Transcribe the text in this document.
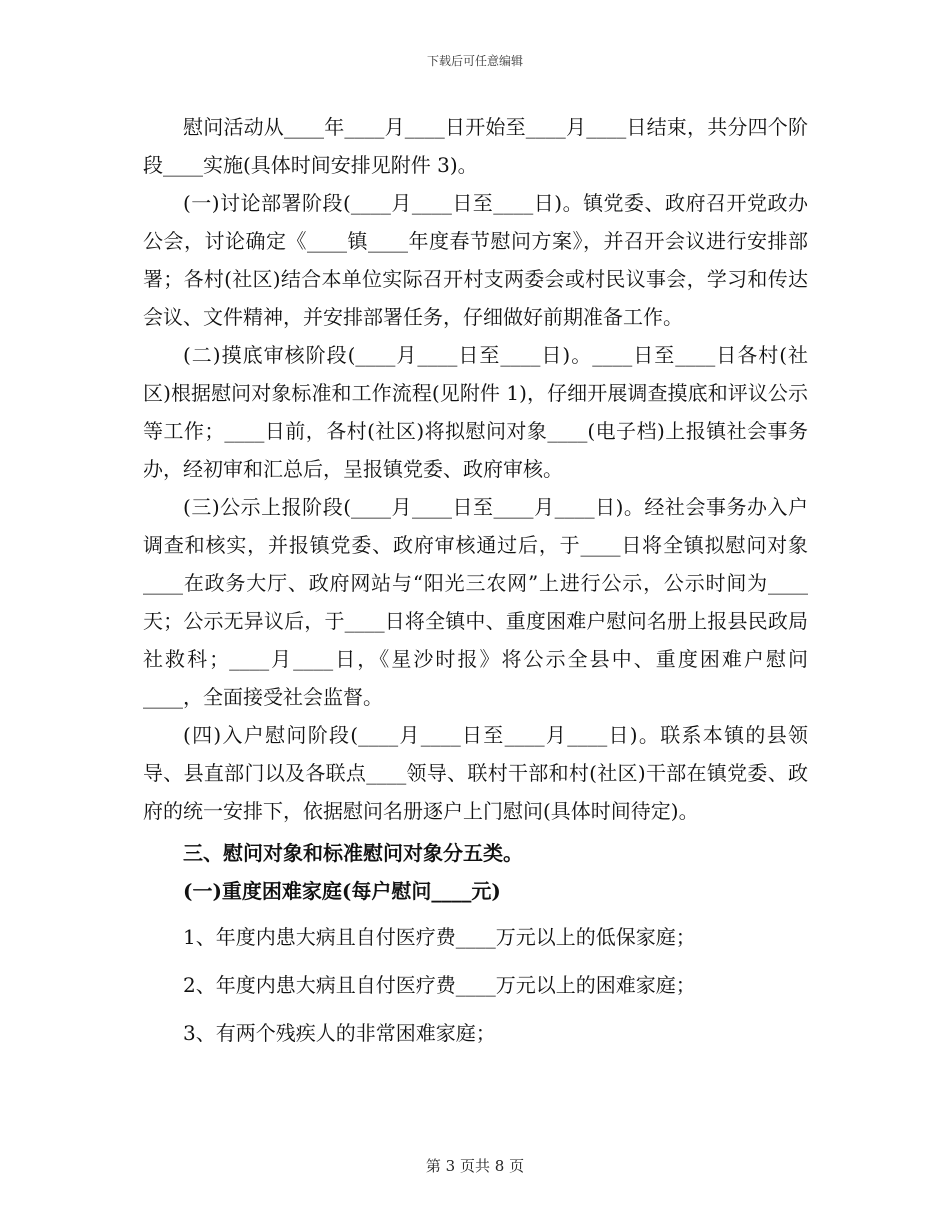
下载后可任意编辑

慰问活动从____年____月____日开始至____月____日结束，共分四个阶段____实施(具体时间安排见附件 3)。

(一)讨论部署阶段(____月____日至____日)。镇党委、政府召开党政办公会，讨论确定《____镇____年度春节慰问方案》，并召开会议进行安排部署；各村(社区)结合本单位实际召开村支两委会或村民议事会，学习和传达会议、文件精神，并安排部署任务，仔细做好前期准备工作。

(二)摸底审核阶段(____月____日至____日)。____日至____日各村(社区)根据慰问对象标准和工作流程(见附件 1)，仔细开展调查摸底和评议公示等工作；____日前，各村(社区)将拟慰问对象____(电子档)上报镇社会事务办，经初审和汇总后，呈报镇党委、政府审核。

(三)公示上报阶段(____月____日至____月____日)。经社会事务办入户调查和核实，并报镇党委、政府审核通过后，于____日将全镇拟慰问对象____在政务大厅、政府网站与“阳光三农网”上进行公示，公示时间为____天；公示无异议后，于____日将全镇中、重度困难户慰问名册上报县民政局社救科；____月____日，《星沙时报》将公示全县中、重度困难户慰问____，全面接受社会监督。

(四)入户慰问阶段(____月____日至____月____日)。联系本镇的县领导、县直部门以及各联点____领导、联村干部和村(社区)干部在镇党委、政府的统一安排下，依据慰问名册逐户上门慰问(具体时间待定)。

三、慰问对象和标准慰问对象分五类。

(一)重度困难家庭(每户慰问____元)

1、年度内患大病且自付医疗费____万元以上的低保家庭；

2、年度内患大病且自付医疗费____万元以上的困难家庭；

3、有两个残疾人的非常困难家庭；

第 3 页共 8 页
